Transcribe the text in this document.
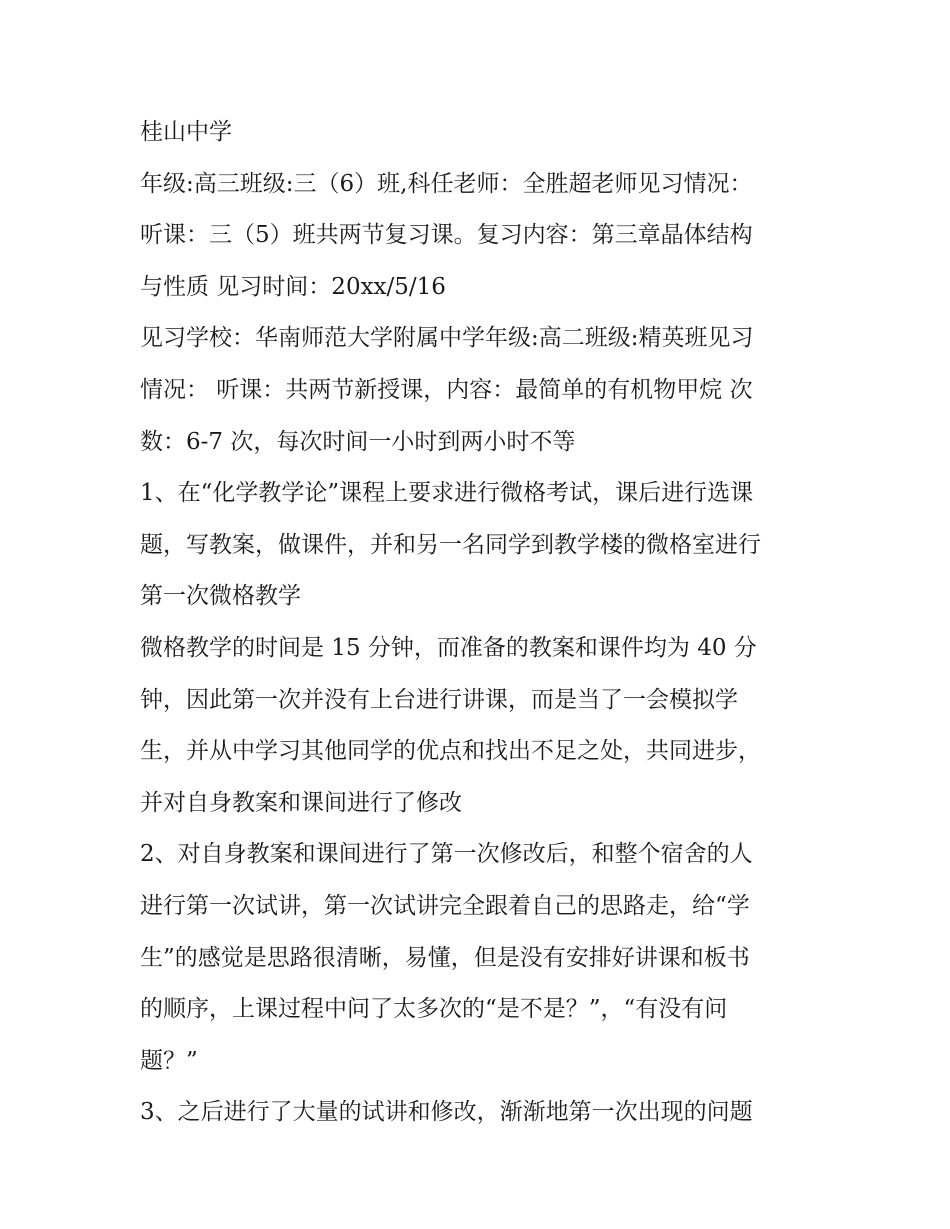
桂山中学
年级:高三班级:三（6）班,科任老师：全胜超老师见习情况：
听课：三（5）班共两节复习课。复习内容：第三章晶体结构
与性质 见习时间：20xx/5/16
见习学校：华南师范大学附属中学年级:高二班级:精英班见习
情况： 听课：共两节新授课，内容：最简单的有机物甲烷 次
数：6-7 次，每次时间一小时到两小时不等
1、在“化学教学论”课程上要求进行微格考试，课后进行选课
题，写教案，做课件，并和另一名同学到教学楼的微格室进行
第一次微格教学
微格教学的时间是 15 分钟，而准备的教案和课件均为 40 分
钟，因此第一次并没有上台进行讲课，而是当了一会模拟学
生，并从中学习其他同学的优点和找出不足之处，共同进步，
并对自身教案和课间进行了修改
2、对自身教案和课间进行了第一次修改后，和整个宿舍的人
进行第一次试讲，第一次试讲完全跟着自己的思路走，给“学
生”的感觉是思路很清晰，易懂，但是没有安排好讲课和板书
的顺序，上课过程中问了太多次的“是不是？”，“有没有问
题？”
3、之后进行了大量的试讲和修改，渐渐地第一次出现的问题
